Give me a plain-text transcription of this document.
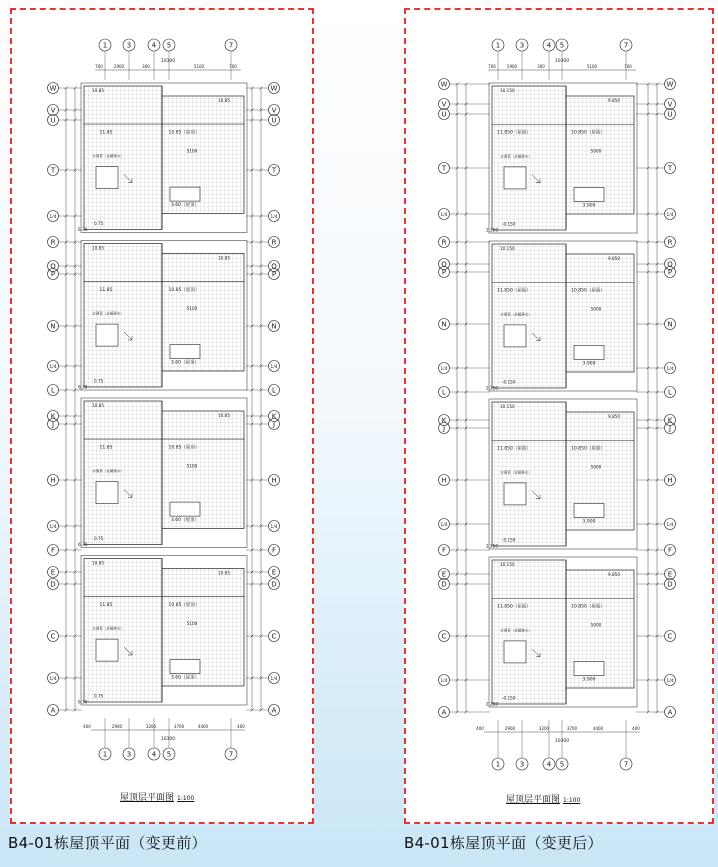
1
1
3
3
4
4
5
5
7
7
10300
700	2900	300	5100	700
10300
400	2900	3200	3700	4400	400
W	W
V	V
U	U
T	T
1/4	1/4
R	R
Q	Q
P	P
N	N
1/4	1/4
L	L
K	K
J	J
H	H
1/4	1/4
F	F
E	E
D	D
C	C
1/4	1/4
A	A
11.85	10.85（屋顶）
5100
3.60（屋顶）
0.75
6.30
10.85
10.85
水落管（金属落水）
11.85	10.85（屋顶）
5100
3.60（屋顶）
0.75
6.30
10.85
10.85
水落管（金属落水）
11.85	10.85（屋顶）
5100
3.60（屋顶）
0.75
6.30
10.85
10.85
水落管（金属落水）
11.85	10.85（屋顶）
5100
3.60（屋顶）
0.75
6.30
10.85
10.85
水落管（金属落水）
屋顶层平面图 1:100
1
1
3
3
4
4
5
5
7
7
10300
700	2900	300	5100	700
10300
400	2900	3200	3700	4400	400
W	W
V	V
U	U
T	T
1/4	1/4
R	R
Q	Q
P	P
N	N
1/4	1/4
L	L
K	K
J	J
H	H
1/4	1/4
F	F
E	E
D	D
C	C
1/4	1/4
A	A
11.850（屋面）	10.850（屋面）
5000
3.900
-0.150
2.250
10.150
9.850
水落管（金属落水）
11.850（屋面）	10.850（屋面）
5000
3.900
-0.150
2.250
10.150
9.850
水落管（金属落水）
11.850（屋面）	10.850（屋面）
5000
3.900
-0.150
2.250
10.150
9.850
水落管（金属落水）
11.850（屋面）	10.850（屋面）
5000
3.900
-0.150
2.250
10.150
9.850
水落管（金属落水）
屋顶层平面图 1:100
B4-01栋屋顶平面（变更前）	B4-01栋屋顶平面（变更后）
